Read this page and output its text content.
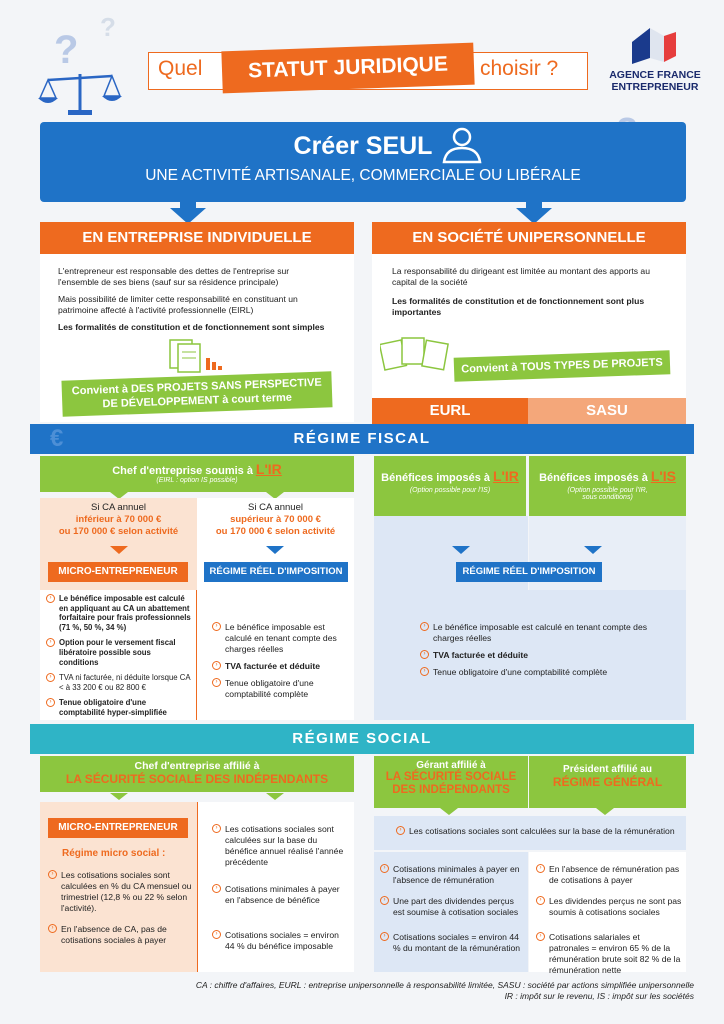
?
?
Quel	STATUT JURIDIQUE	choisir ?	AGENCE FRANCE
ENTREPRENEUR
Créer SEUL
UNE ACTIVITÉ ARTISANALE, COMMERCIALE OU LIBÉRALE
EN ENTREPRISE INDIVIDUELLE

L'entrepreneur est responsable des dettes de l'entreprise sur l'ensemble de ses biens (sauf sur sa résidence principale)

Mais possibilité de limiter cette responsabilité en constituant un patrimoine affecté à l'activité professionnelle (EIRL)

Les formalités de constitution et de fonctionnement sont simples

Convient à DES PROJETS SANS PERSPECTIVE DE DÉVELOPPEMENT à court terme
EN SOCIÉTÉ UNIPERSONNELLE

La responsabilité du dirigeant est limitée au montant des apports au capital de la société

Les formalités de constitution et de fonctionnement sont plus importantes

Convient à TOUS TYPES DE PROJETS
EURL	SASU
RÉGIME FISCAL
€
Chef d'entreprise soumis à L'IR
(EIRL : option IS possible)
Si CA annuel
inférieur à 70 000 €
ou 170 000 € selon activité
Si CA annuel
supérieur à 70 000 €
ou 170 000 € selon activité
MICRO-ENTREPRENEUR	RÉGIME RÉEL D'IMPOSITION
› Le bénéfice imposable est calculé en appliquant au CA un abattement forfaitaire pour frais professionnels (71 %, 50 %, 34 %)
› Option pour le versement fiscal libératoire possible sous conditions
› TVA ni facturée, ni déduite lorsque CA < à 33 200 € ou 82 800 €
› Tenue obligatoire d'une comptabilité hyper-simplifiée
› Le bénéfice imposable est calculé en tenant compte des charges réelles
› TVA facturée et déduite
› Tenue obligatoire d'une comptabilité complète
Bénéfices imposés à L'IR
(Option possible pour l'IS)
Bénéfices imposés à L'IS
(Option possible pour l'IR,
sous conditions)
RÉGIME RÉEL D'IMPOSITION
› Le bénéfice imposable est calculé en tenant compte des charges réelles
› TVA facturée et déduite
› Tenue obligatoire d'une comptabilité complète
RÉGIME SOCIAL
Chef d'entreprise affilié à
LA SÉCURITÉ SOCIALE DES INDÉPENDANTS
MICRO-ENTREPRENEUR
Régime micro social :
› Les cotisations sociales sont calculées en % du CA mensuel ou trimestriel (12,8 % ou 22 % selon l'activité).
› En l'absence de CA, pas de cotisations sociales à payer
› Les cotisations sociales sont calculées sur la base du bénéfice annuel réalisé l'année précédente
› Cotisations minimales à payer en l'absence de bénéfice
› Cotisations sociales = environ 44 % du bénéfice imposable
Gérant affilié à
LA SÉCURITÉ SOCIALE DES INDÉPENDANTS
Président affilié au
RÉGIME GÉNÉRAL
› Les cotisations sociales sont calculées sur la base de la rémunération
› Cotisations minimales à payer en l'absence de rémunération
› Une part des dividendes perçus est soumise à cotisation sociales
› Cotisations sociales = environ 44 % du montant de la rémunération
› En l'absence de rémunération pas de cotisations à payer
› Les dividendes perçus ne sont pas soumis à cotisations sociales
› Cotisations salariales et patronales = environ 65 % de la rémunération brute soit 82 % de la rémunération nette
CA : chiffre d'affaires, EURL : entreprise unipersonnelle à responsabilité limitée, SASU : société par actions simplifiée unipersonnelle
IR : impôt sur le revenu, IS : impôt sur les sociétés
